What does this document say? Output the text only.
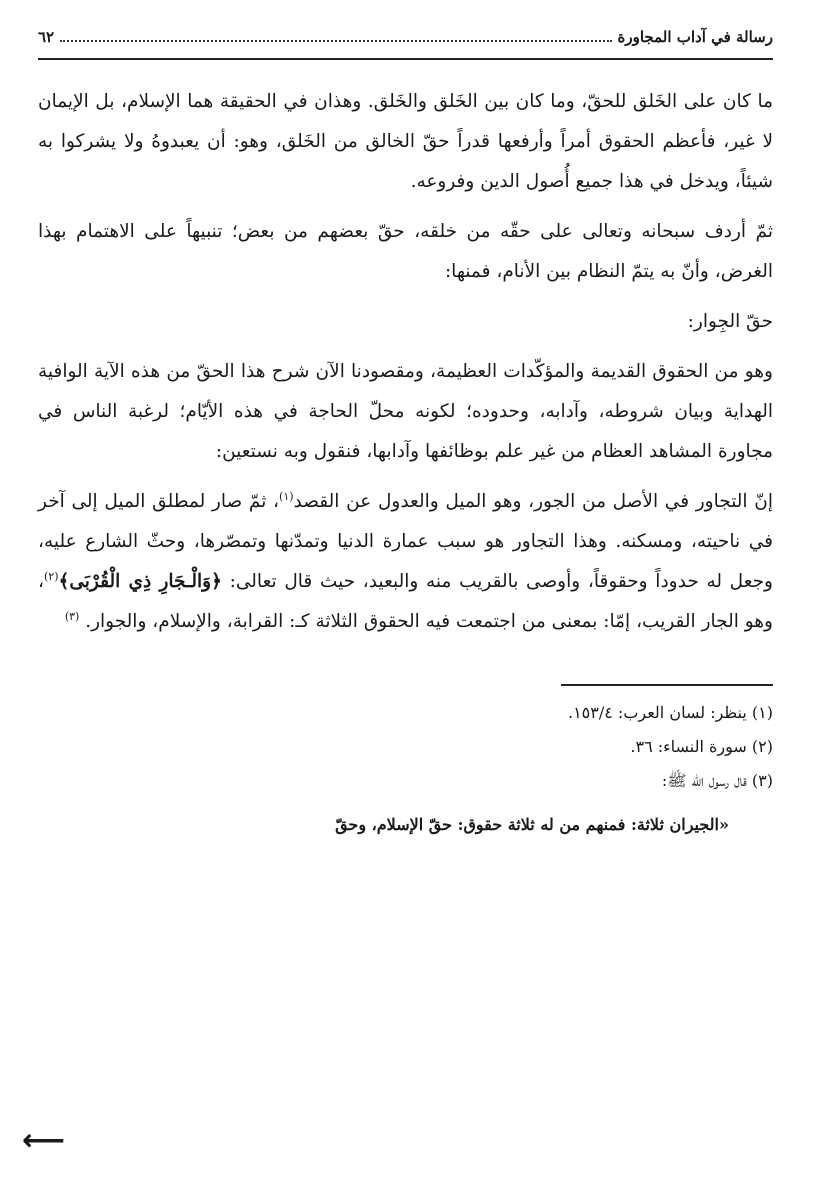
رسالة في آداب المجاورة
٦٢

ما كان على الخَلق للحقّ، وما كان بين الخَلق والخَلق. وهذان في الحقيقة هما الإسلام، بل الإيمان لا غير، فأعظم الحقوق أمراً وأرفعها قدراً حقّ الخالق من الخَلق، وهو: أن يعبدوهُ ولا يشركوا به شيئاً، ويدخل في هذا جميع أُصول الدين وفروعه.

ثمّ أردف سبحانه وتعالى على حقّه من خلقه، حقّ بعضهم من بعض؛ تنبيهاً على الاهتمام بهذا الغرض، وأنّ به يتمّ النظام بين الأنام، فمنها:

حقّ الجِوار:

وهو من الحقوق القديمة والمؤكّدات العظيمة، ومقصودنا الآن شرح هذا الحقّ من هذه الآية الوافية الهداية وبيان شروطه، وآدابه، وحدوده؛ لكونه محلّ الحاجة في هذه الأيّام؛ لرغبة الناس في مجاورة المشاهد العظام من غير علم بوظائفها وآدابها، فنقول وبه نستعين:

إنّ التجاور في الأصل من الجور، وهو الميل والعدول عن القصد$^{(١)}$، ثمّ صار لمطلق الميل إلى آخر في ناحيته، ومسكنه. وهذا التجاور هو سبب عمارة الدنيا وتمدّنها وتمصّرها، وحثّ الشارع عليه، وجعل له حدوداً وحقوقاً، وأوصى بالقريب منه والبعيد، حيث قال تعالى: ﴿وَالْـجَارِ ذِي الْقُرْبَى﴾$^{(٢)}$، وهو الجار القريب، إمّا: بمعنى من اجتمعت فيه الحقوق الثلاثة كـ: القرابة، والإسلام، والجوار. $^{(٣)}$

(١) ينظر: لسان العرب: ١٥٣/٤.
(٢) سورة النساء: ٣٦.
(٣) قال رسول الله ﷺ:
«الجيران ثلاثة: فمنهم من له ثلاثة حقوق: حقّ الإسلام، وحقّ
⟵
